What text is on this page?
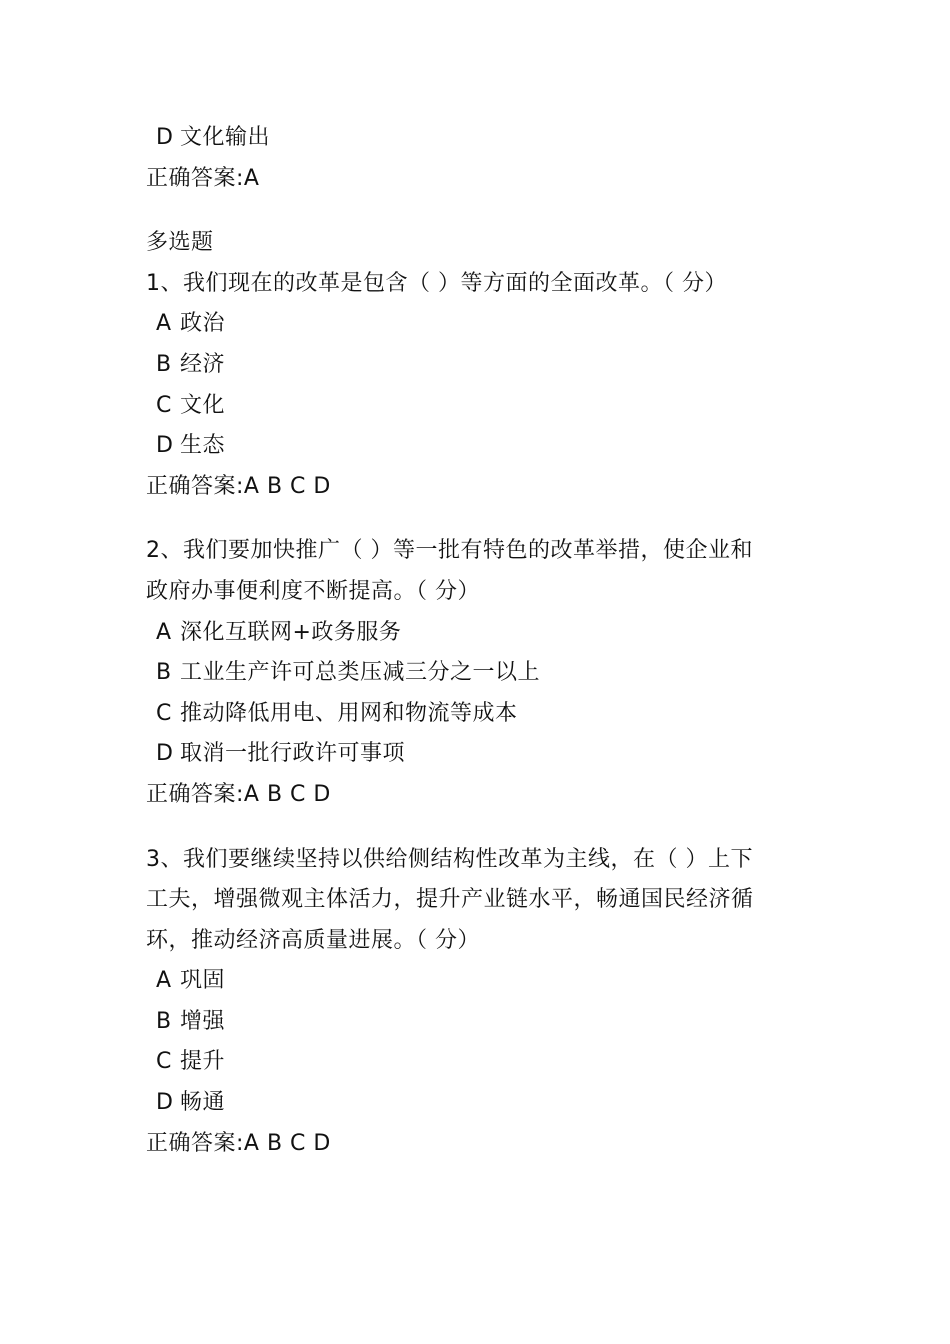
D 文化输出
正确答案:A
多选题
1、我们现在的改革是包含（ ）等方面的全面改革。（ 分）
A 政治
B 经济
C 文化
D 生态
正确答案:A B C D
2、我们要加快推广（ ）等一批有特色的改革举措，使企业和
政府办事便利度不断提高。（ 分）
A 深化互联网+政务服务
B 工业生产许可总类压减三分之一以上
C 推动降低用电、用网和物流等成本
D 取消一批行政许可事项
正确答案:A B C D
3、我们要继续坚持以供给侧结构性改革为主线，在（ ）上下
工夫，增强微观主体活力，提升产业链水平，畅通国民经济循
环，推动经济高质量进展。（ 分）
A 巩固
B 增强
C 提升
D 畅通
正确答案:A B C D
